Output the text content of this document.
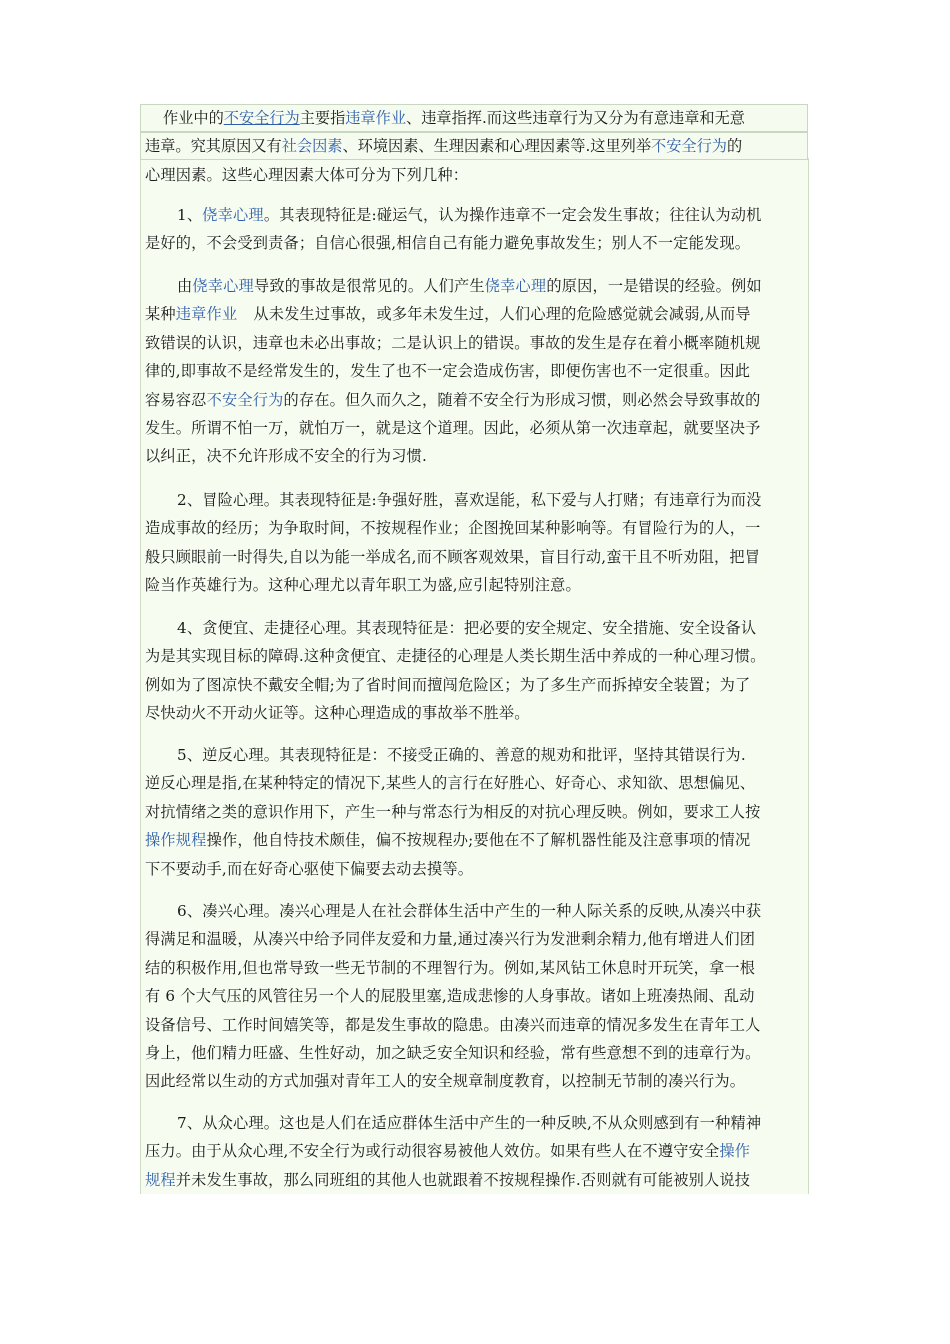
作业中的不安全行为主要指违章作业、违章指挥.而这些违章行为又分为有意违章和无意
违章。究其原因又有社会因素、环境因素、生理因素和心理因素等.这里列举不安全行为的

心理因素。这些心理因素大体可分为下列几种：

1、侥幸心理。其表现特征是:碰运气，认为操作违章不一定会发生事故；往往认为动机

是好的，不会受到责备；自信心很强,相信自己有能力避免事故发生；别人不一定能发现。

由侥幸心理导致的事故是很常见的。人们产生侥幸心理的原因，一是错误的经验。例如

某种违章作业 从未发生过事故，或多年未发生过，人们心理的危险感觉就会减弱,从而导

致错误的认识，违章也未必出事故；二是认识上的错误。事故的发生是存在着小概率随机规

律的,即事故不是经常发生的，发生了也不一定会造成伤害，即便伤害也不一定很重。因此

容易容忍不安全行为的存在。但久而久之，随着不安全行为形成习惯，则必然会导致事故的

发生。所谓不怕一万，就怕万一，就是这个道理。因此，必须从第一次违章起，就要坚决予

以纠正，决不允许形成不安全的行为习惯.

2、冒险心理。其表现特征是:争强好胜，喜欢逞能，私下爱与人打赌；有违章行为而没

造成事故的经历；为争取时间，不按规程作业；企图挽回某种影响等。有冒险行为的人，一

般只顾眼前一时得失,自以为能一举成名,而不顾客观效果，盲目行动,蛮干且不听劝阻，把冒

险当作英雄行为。这种心理尤以青年职工为盛,应引起特别注意。

4、贪便宜、走捷径心理。其表现特征是：把必要的安全规定、安全措施、安全设备认

为是其实现目标的障碍.这种贪便宜、走捷径的心理是人类长期生活中养成的一种心理习惯。

例如为了图凉快不戴安全帽;为了省时间而擅闯危险区；为了多生产而拆掉安全装置；为了

尽快动火不开动火证等。这种心理造成的事故举不胜举。

5、逆反心理。其表现特征是：不接受正确的、善意的规劝和批评，坚持其错误行为.

逆反心理是指,在某种特定的情况下,某些人的言行在好胜心、好奇心、求知欲、思想偏见、

对抗情绪之类的意识作用下，产生一种与常态行为相反的对抗心理反映。例如，要求工人按

操作规程操作，他自恃技术颇佳，偏不按规程办;要他在不了解机器性能及注意事项的情况

下不要动手,而在好奇心驱使下偏要去动去摸等。

6、凑兴心理。凑兴心理是人在社会群体生活中产生的一种人际关系的反映,从凑兴中获

得满足和温暖，从凑兴中给予同伴友爱和力量,通过凑兴行为发泄剩余精力,他有增进人们团

结的积极作用,但也常导致一些无节制的不理智行为。例如,某风钻工休息时开玩笑，拿一根

有 6 个大气压的风管往另一个人的屁股里塞,造成悲惨的人身事故。诸如上班凑热闹、乱动

设备信号、工作时间嬉笑等，都是发生事故的隐患。由凑兴而违章的情况多发生在青年工人

身上，他们精力旺盛、生性好动，加之缺乏安全知识和经验，常有些意想不到的违章行为。

因此经常以生动的方式加强对青年工人的安全规章制度教育，以控制无节制的凑兴行为。

7、从众心理。这也是人们在适应群体生活中产生的一种反映,不从众则感到有一种精神

压力。由于从众心理,不安全行为或行动很容易被他人效仿。如果有些人在不遵守安全操作

规程并未发生事故，那么同班组的其他人也就跟着不按规程操作.否则就有可能被别人说技
